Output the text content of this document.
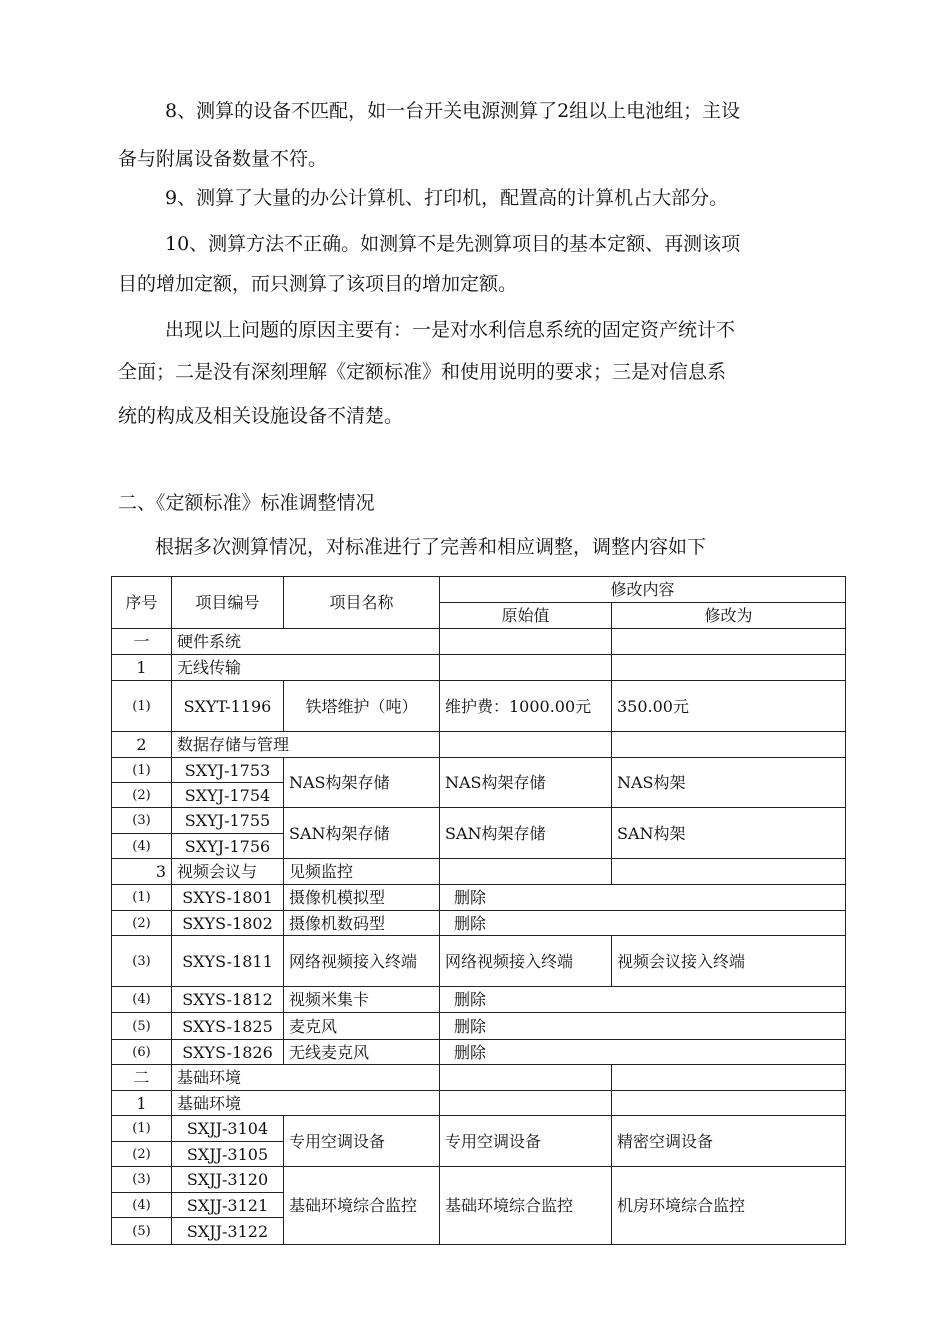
8、测算的设备不匹配，如一台开关电源测算了2组以上电池组；主设
备与附属设备数量不符。
9、测算了大量的办公计算机、打印机，配置高的计算机占大部分。
10、测算方法不正确。如测算不是先测算项目的基本定额、再测该项
目的增加定额，而只测算了该项目的增加定额。
出现以上问题的原因主要有：一是对水利信息系统的固定资产统计不
全面；二是没有深刻理解《定额标准》和使用说明的要求；三是对信息系
统的构成及相关设施设备不清楚。
二、《定额标准》标准调整情况
根据多次测算情况，对标准进行了完善和相应调整，调整内容如下
序号	项目编号	项目名称	修改内容	
			原始值	修改为
一	硬件系统			
1	无线传输			
(1)	SXYT-1196	铁塔维护（吨）	维护费：1000.00元	350.00元
2	数据存储与管理			
(1)	SXYJ-1753	NAS构架存储	NAS构架存储	NAS构架
(2)	SXYJ-1754			
(3)	SXYJ-1755	SAN构架存储	SAN构架存储	SAN构架
(4)	SXYJ-1756			
3	视频会议与	见频监控		
(1)	SXYS-1801	摄像机模拟型	删除	
(2)	SXYS-1802	摄像机数码型	删除	
(3)	SXYS-1811	网络视频接入终端	网络视频接入终端	视频会议接入终端
(4)	SXYS-1812	视频米集卡	删除	
(5)	SXYS-1825	麦克风	删除	
(6)	SXYS-1826	无线麦克风	删除	
二	基础环境			
1	基础环境			
(1)	SXJJ-3104	专用空调设备	专用空调设备	精密空调设备
(2)	SXJJ-3105			
(3)	SXJJ-3120	基础环境综合监控	基础环境综合监控	机房环境综合监控
(4)	SXJJ-3121			
(5)	SXJJ-3122			
